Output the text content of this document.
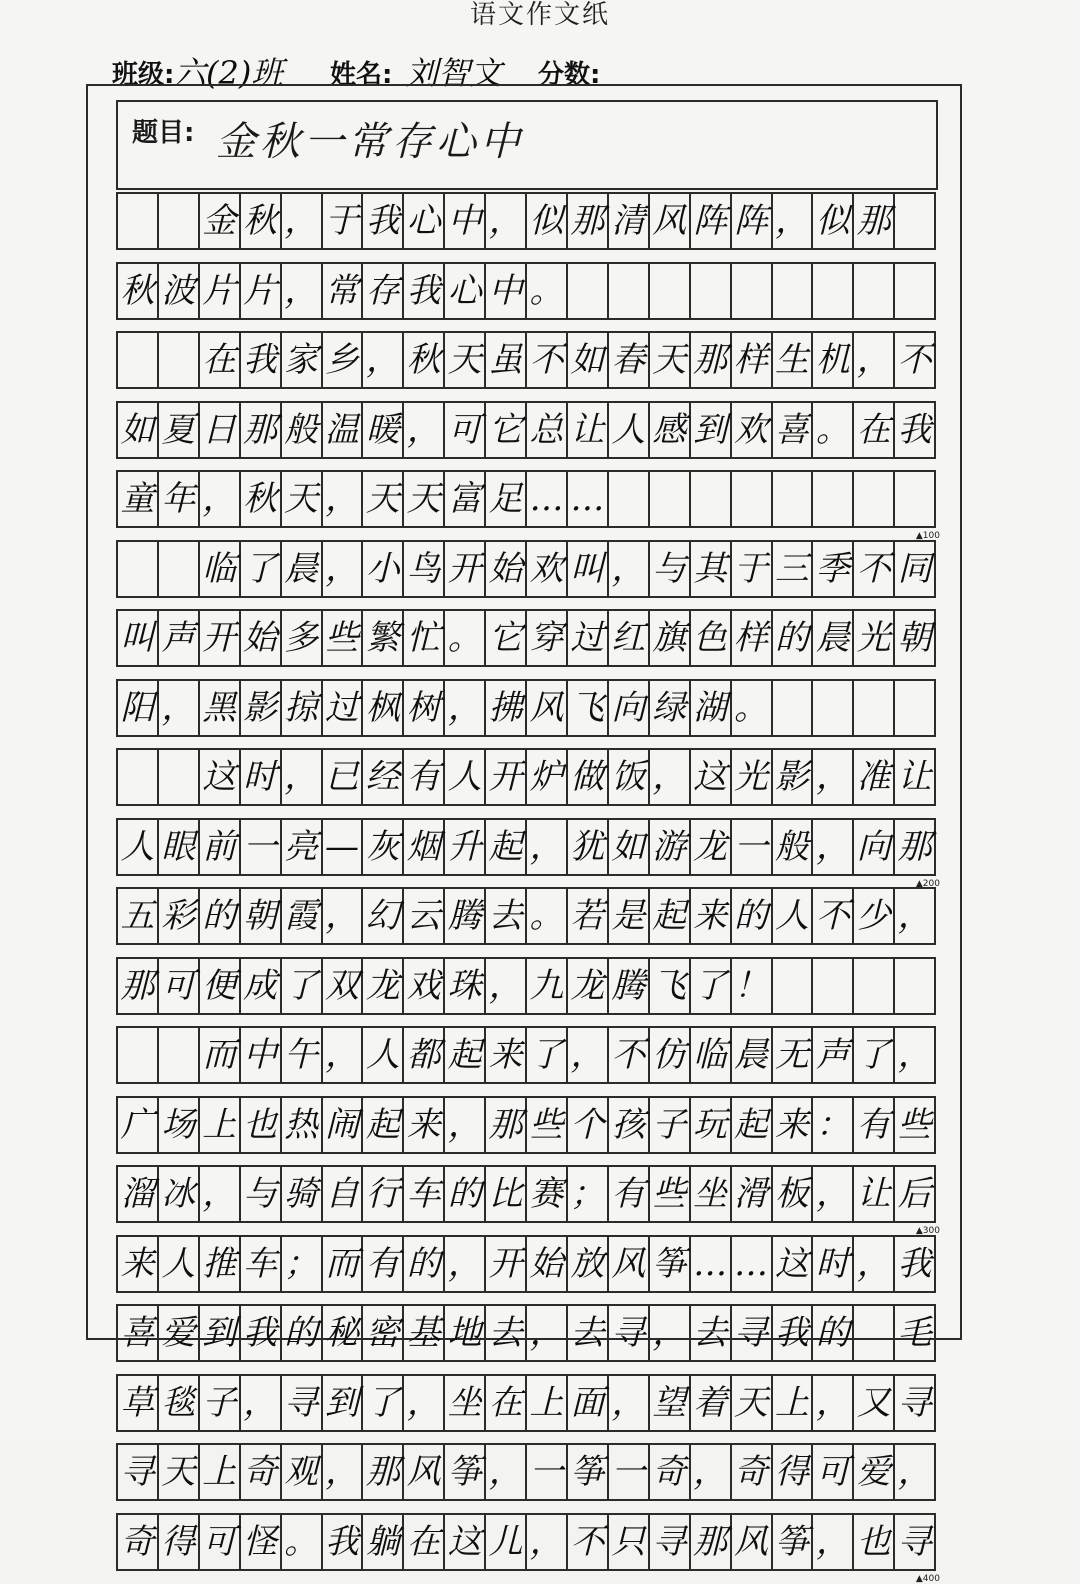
语文作文纸
班级: 六(2)班 姓名: 刘智文 分数:
题目: 金秋一常存心中
金 秋 ， 于 我 心 中 ， 似 那 清 风 阵 阵 ， 似 那
秋 波 片 片 ， 常 存 我 心 中 。
在 我 家 乡 ， 秋 天 虽 不 如 春 天 那 样 生 机 ， 不
如 夏 日 那 般 温 暖 ， 可 它 总 让 人 感 到 欢 喜 。 在 我
童 年 ， 秋 天 ， 天 天 富 足 … …
▲100
临 了 晨 ， 小 鸟 开 始 欢 叫 ， 与 其 于 三 季 不 同
叫 声 开 始 多 些 繁 忙 。 它 穿 过 红 旗 色 样 的 晨 光 朝
阳 ， 黑 影 掠 过 枫 树 ， 拂 风 飞 向 绿 湖 。
这 时 ， 已 经 有 人 开 炉 做 饭 ， 这 光 影 ， 准 让
人 眼 前 一 亮 — 灰 烟 升 起 ， 犹 如 游 龙 一 般 ， 向 那
▲200
五 彩 的 朝 霞 ， 幻 云 腾 去 。 若 是 起 来 的 人 不 少 ，
那 可 便 成 了 双 龙 戏 珠 ， 九 龙 腾 飞 了 ！
而 中 午 ， 人 都 起 来 了 ， 不 仿 临 晨 无 声 了 ，
广 场 上 也 热 闹 起 来 ， 那 些 个 孩 子 玩 起 来 ： 有 些
溜 冰 ， 与 骑 自 行 车 的 比 赛 ； 有 些 坐 滑 板 ， 让 后
▲300
来 人 推 车 ； 而 有 的 ， 开 始 放 风 筝 … … 这 时 ， 我
喜 爱 到 我 的 秘 密 基 地 去 ， 去 寻 ， 去 寻 我 的 毛
草 毯 子 ， 寻 到 了 ， 坐 在 上 面 ， 望 着 天 上 ， 又 寻
寻 天 上 奇 观 ， 那 风 筝 ， 一 筝 一 奇 ， 奇 得 可 爱 ，
奇 得 可 怪 。 我 躺 在 这 儿 ， 不 只 寻 那 风 筝 ， 也 寻
▲400
